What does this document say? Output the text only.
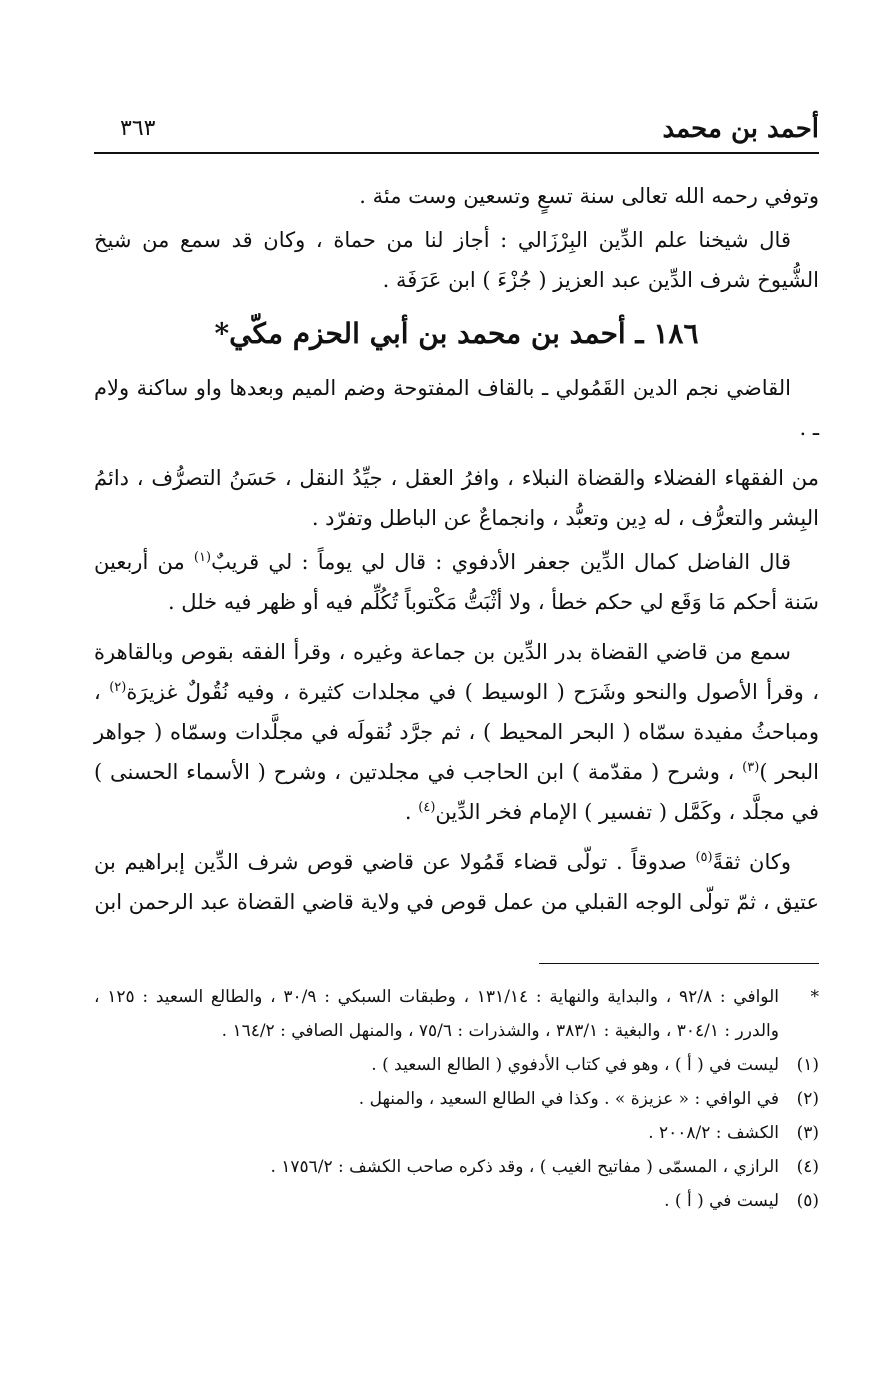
أحمد بن محمد
٣٦٣

وتوفي رحمه الله تعالى سنة تسعٍ وتسعين وست مئة .

قال شيخنا علم الدِّين البِرْزَالي : أجاز لنا من حماة ، وكان قد سمع من شيخ الشُّيوخ شرف الدِّين عبد العزيز ( جُزْءَ ) ابن عَرَفَة .

١٨٦ ـ أحمد بن محمد بن أبي الحزم مكّي*

القاضي نجم الدين القَمُولي ـ بالقاف المفتوحة وضم الميم وبعدها واو ساكنة ولام ـ .

من الفقهاء الفضلاء والقضاة النبلاء ، وافرُ العقل ، جيِّدُ النقل ، حَسَنُ التصرُّف ، دائمُ البِشر والتعرُّف ، له دِين وتعبُّد ، وانجماعٌ عن الباطل وتفرّد .

قال الفاضل كمال الدِّين جعفر الأدفوي : قال لي يوماً : لي قريبٌ$^{(١)}$ من أربعين سَنة أحكم مَا وَقَع لي حكم خطأ ، ولا أثْبَتُّ مَكْتوباً تُكُلِّم فيه أو ظهر فيه خلل .

سمع من قاضي القضاة بدر الدِّين بن جماعة وغيره ، وقرأ الفقه بقوص وبالقاهرة ، وقرأ الأصول والنحو وشَرَح ( الوسيط ) في مجلدات كثيرة ، وفيه نُقُولٌ غزيرَة$^{(٢)}$ ، ومباحثُ مفيدة سمّاه ( البحر المحيط ) ، ثم جرَّد نُقولَه في مجلَّدات وسمّاه ( جواهر البحر )$^{(٣)}$ ، وشرح ( مقدّمة ) ابن الحاجب في مجلدتين ، وشرح ( الأسماء الحسنى ) في مجلَّد ، وكَمَّل ( تفسير ) الإمام فخر الدِّين$^{(٤)}$ .

وكان ثقةً$^{(٥)}$ صدوقاً . تولّى قضاء قَمُولا عن قاضي قوص شرف الدِّين إبراهيم بن عتيق ، ثمّ تولّى الوجه القبلي من عمل قوص في ولاية قاضي القضاة عبد الرحمن ابن

*
الوافي : ٩٢/٨ ، والبداية والنهاية : ١٣١/١٤ ، وطبقات السبكي : ٣٠/٩ ، والطالع السعيد : ١٢٥ ، والدرر : ٣٠٤/١ ، والبغية : ٣٨٣/١ ، والشذرات : ٧٥/٦ ، والمنهل الصافي : ١٦٤/٢ .
(١)
ليست في ( أ ) ، وهو في كتاب الأدفوي ( الطالع السعيد ) .
(٢)
في الوافي : « عزيزة » . وكذا في الطالع السعيد ، والمنهل .
(٣)
الكشف : ٢٠٠٨/٢ .
(٤)
الرازي ، المسمّى ( مفاتيح الغيب ) ، وقد ذكره صاحب الكشف : ١٧٥٦/٢ .
(٥)
ليست في ( أ ) .
